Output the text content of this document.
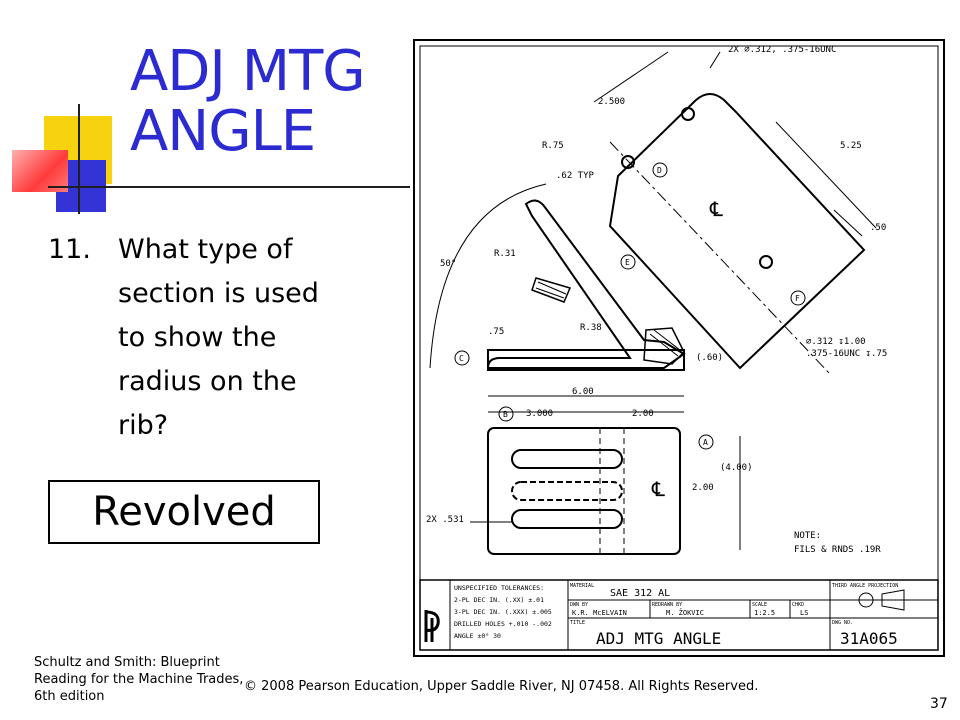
ADJ MTG
ANGLE
11. What type of section is used to show the radius on the rib?
Revolved
Schultz and Smith: Blueprint Reading for the Machine Trades, 6th edition
© 2008 Pearson Education, Upper Saddle River, NJ 07458. All Rights Reserved.
37
2X ⌀.312, .375-16UNC
2.500
R.75	5.25
.62 TYP
.50
50°
R.31
.75	R.38
(.60)
⌀.312 ↧1.00
.375-16UNC ↧.75
6.00
3.000	2.00
(4.00)
2.00
2X .531
℄
℄
A
B
C
D
E
F
NOTE:
FILS & RNDS .19R
UNSPECIFIED TOLERANCES:
2-PL DEC IN. (.XX) ±.01
3-PL DEC IN. (.XXX) ±.005
DRILLED HOLES +.010 -.002
ANGLE ±0° 30
MATERIAL
SAE 312 AL
DWN BY
K.R. McELVAIN
REDRAWN BY
M. ŽOKVIC
SCALE
1:2.5
CHKD
LS
THIRD ANGLE PROJECTION
TITLE
ADJ MTG ANGLE
DWG NO.
31A065
